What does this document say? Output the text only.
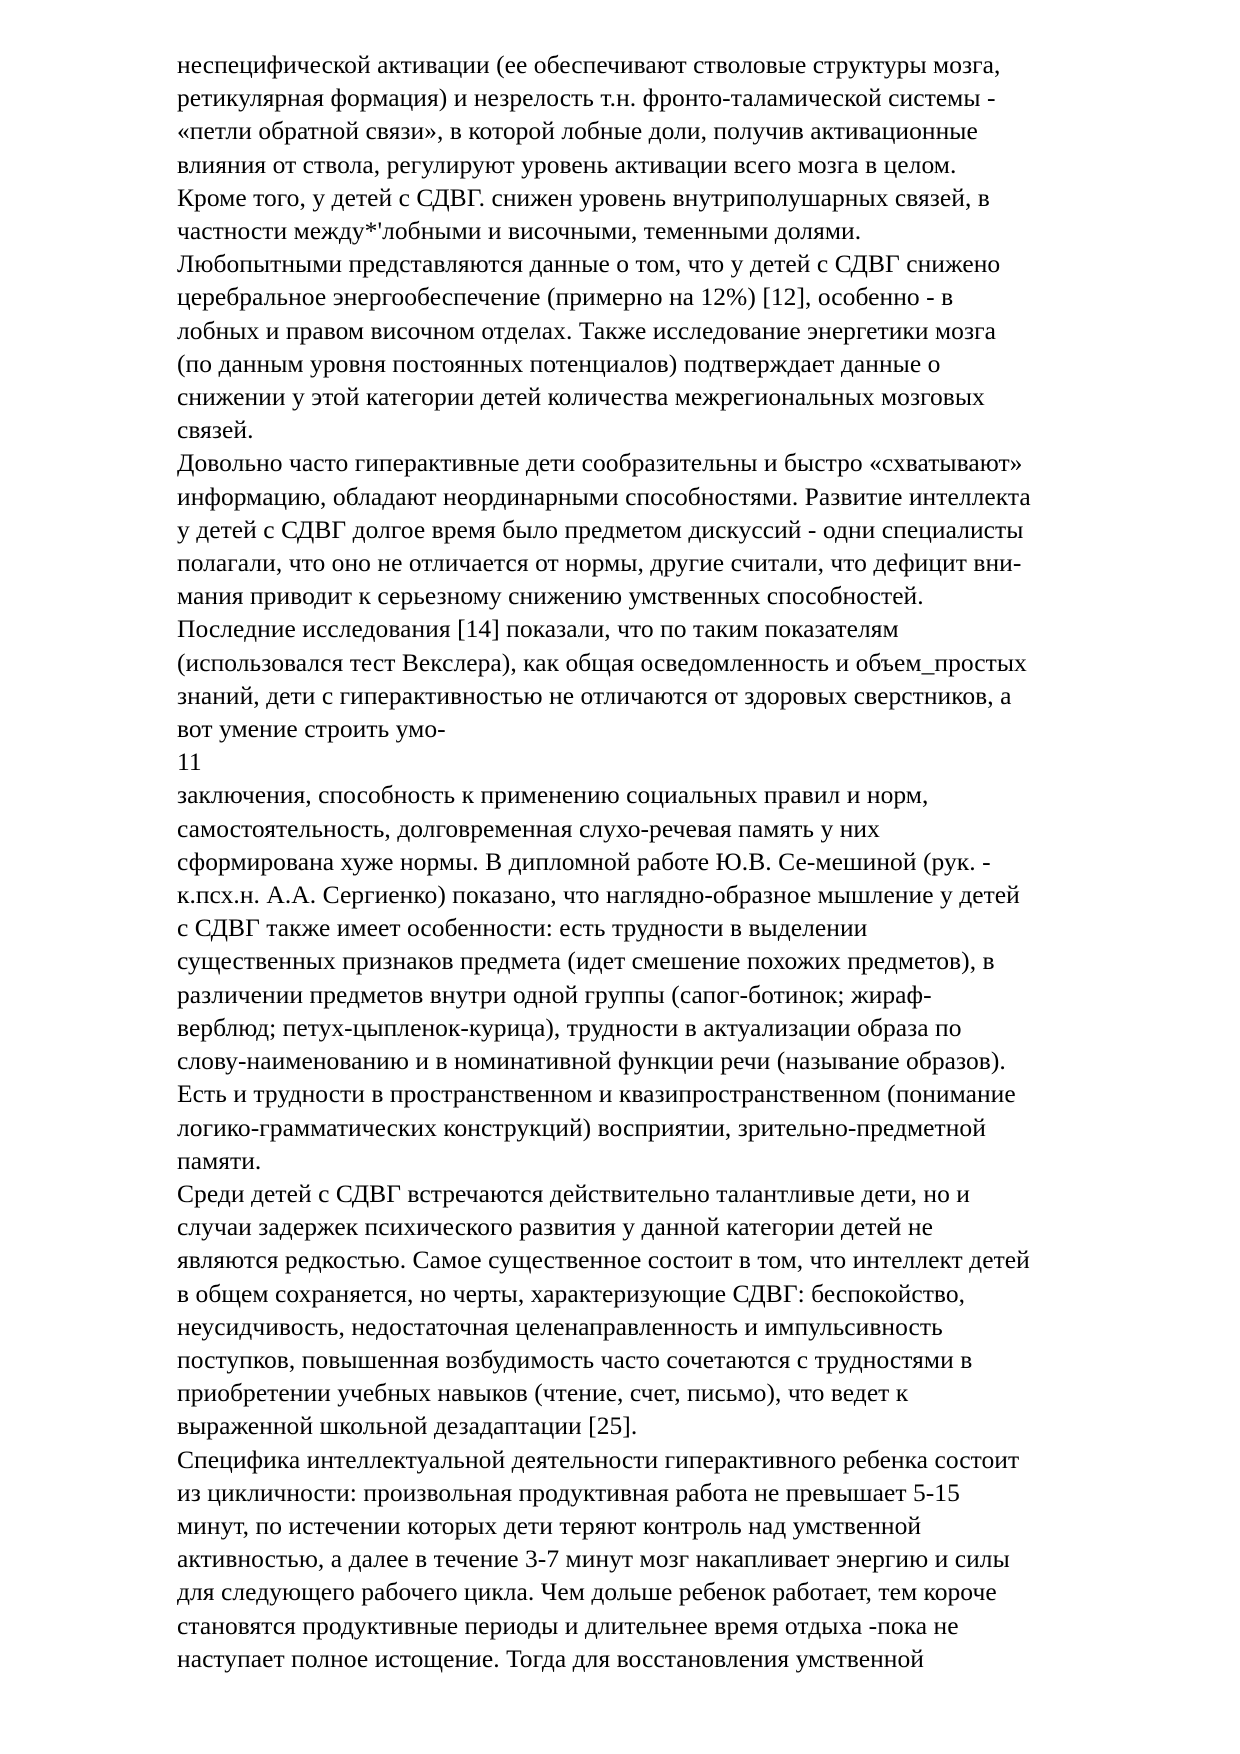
неспецифической активации (ее обеспечивают стволовые структуры мозга,
ретикулярная формация) и незрелость т.н. фронто-таламической системы -
«петли обратной связи», в которой лобные доли, получив активационные
влияния от ствола, регулируют уровень активации всего мозга в целом.
Кроме того, у детей с СДВГ. снижен уровень внутриполушарных связей, в
частности между*'лобными и височными, теменными долями.
Любопытными представляются данные о том, что у детей с СДВГ снижено
церебральное энергообеспечение (примерно на 12%) [12], особенно - в
лобных и правом височном отделах. Также исследование энергетики мозга
(по данным уровня постоянных потенциалов) подтверждает данные о
снижении у этой категории детей количества межрегиональных мозговых
связей.
Довольно часто гиперактивные дети сообразительны и быстро «схватывают»
информацию, обладают неординарными способностями. Развитие интеллекта
у детей с СДВГ долгое время было предметом дискуссий - одни специалисты
полагали, что оно не отличается от нормы, другие считали, что дефицит вни-
мания приводит к серьезному снижению умственных способностей.
Последние исследования [14] показали, что по таким показателям
(использовался тест Векслера), как общая осведомленность и объем_простых
знаний, дети с гиперактивностью не отличаются от здоровых сверстников, а
вот умение строить умо-
11
заключения, способность к применению социальных правил и норм,
самостоятельность, долговременная слухо-речевая память у них
сформирована хуже нормы. В дипломной работе Ю.В. Се-мешиной (рук. -
к.псх.н. А.А. Сергиенко) показано, что наглядно-образное мышление у детей
с СДВГ также имеет особенности: есть трудности в выделении
существенных признаков предмета (идет смешение похожих предметов), в
различении предметов внутри одной группы (сапог-ботинок; жираф-
верблюд; петух-цыпленок-курица), трудности в актуализации образа по
слову-наименованию и в номинативной функции речи (называние образов).
Есть и трудности в пространственном и квазипространственном (понимание
логико-грамматических конструкций) восприятии, зрительно-предметной
памяти.
Среди детей с СДВГ встречаются действительно талантливые дети, но и
случаи задержек психического развития у данной категории детей не
являются редкостью. Самое существенное состоит в том, что интеллект детей
в общем сохраняется, но черты, характеризующие СДВГ: беспокойство,
неусидчивость, недостаточная целенаправленность и импульсивность
поступков, повышенная возбудимость часто сочетаются с трудностями в
приобретении учебных навыков (чтение, счет, письмо), что ведет к
выраженной школьной дезадаптации [25].
Специфика интеллектуальной деятельности гиперактивного ребенка состоит
из цикличности: произвольная продуктивная работа не превышает 5-15
минут, по истечении которых дети теряют контроль над умственной
активностью, а далее в течение 3-7 минут мозг накапливает энергию и силы
для следующего рабочего цикла. Чем дольше ребенок работает, тем короче
становятся продуктивные периоды и длительнее время отдыха -пока не
наступает полное истощение. Тогда для восстановления умственной
